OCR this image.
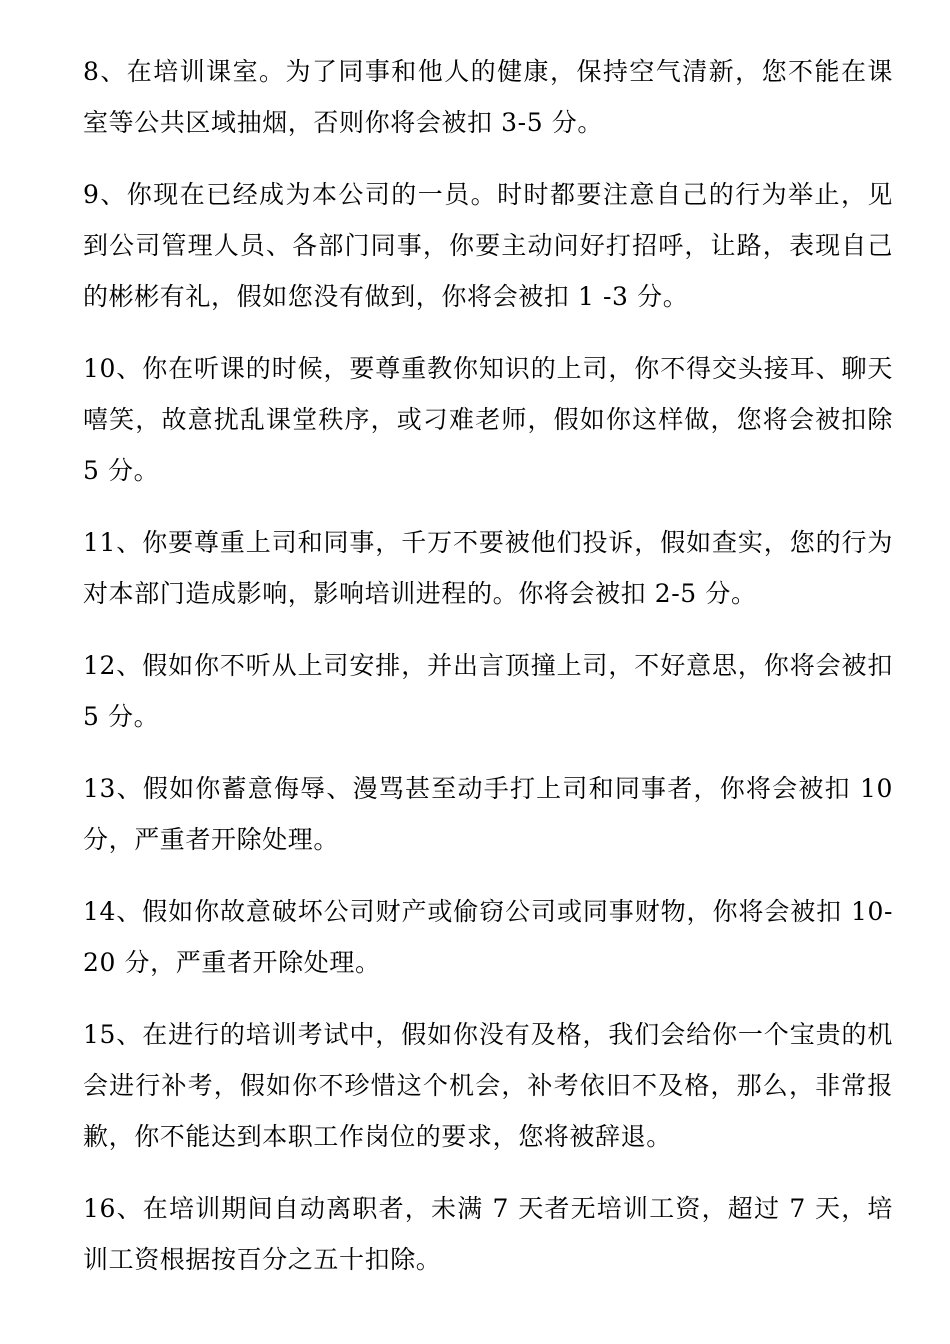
8、在培训课室。为了同事和他人的健康，保持空气清新，您不能在课室等公共区域抽烟，否则你将会被扣 3-5 分。

9、你现在已经成为本公司的一员。时时都要注意自己的行为举止，见到公司管理人员、各部门同事，你要主动问好打招呼，让路，表现自己的彬彬有礼，假如您没有做到，你将会被扣 1 -3 分。

10、你在听课的时候，要尊重教你知识的上司，你不得交头接耳、聊天嘻笑，故意扰乱课堂秩序，或刁难老师，假如你这样做，您将会被扣除 5 分。

11、你要尊重上司和同事，千万不要被他们投诉，假如查实，您的行为对本部门造成影响，影响培训进程的。你将会被扣 2-5 分。

12、假如你不听从上司安排，并出言顶撞上司，不好意思，你将会被扣 5 分。

13、假如你蓄意侮辱、漫骂甚至动手打上司和同事者，你将会被扣 10 分，严重者开除处理。

14、假如你故意破坏公司财产或偷窃公司或同事财物，你将会被扣 10-20 分，严重者开除处理。

15、在进行的培训考试中，假如你没有及格，我们会给你一个宝贵的机会进行补考，假如你不珍惜这个机会，补考依旧不及格，那么，非常报歉，你不能达到本职工作岗位的要求，您将被辞退。

16、在培训期间自动离职者，未满 7 天者无培训工资，超过 7 天，培训工资根据按百分之五十扣除。
